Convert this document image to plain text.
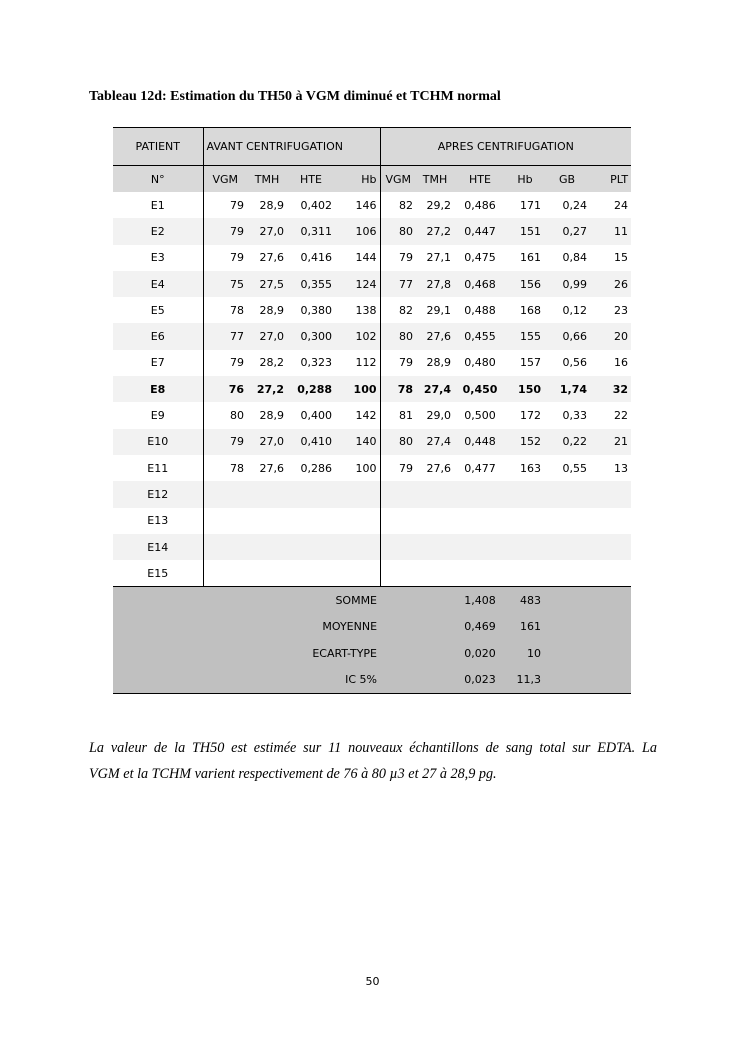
Tableau 12d: Estimation du TH50 à VGM diminué et TCHM normal
PATIENT	AVANT CENTRIFUGATION				APRES CENTRIFUGATION					
N°	VGM	TMH	HTE	Hb	VGM	TMH	HTE	Hb	GB	PLT
E1	79	28,9	0,402	146	82	29,2	0,486	171	0,24	24
E2	79	27,0	0,311	106	80	27,2	0,447	151	0,27	11
E3	79	27,6	0,416	144	79	27,1	0,475	161	0,84	15
E4	75	27,5	0,355	124	77	27,8	0,468	156	0,99	26
E5	78	28,9	0,380	138	82	29,1	0,488	168	0,12	23
E6	77	27,0	0,300	102	80	27,6	0,455	155	0,66	20
E7	79	28,2	0,323	112	79	28,9	0,480	157	0,56	16
E8	76	27,2	0,288	100	78	27,4	0,450	150	1,74	32
E9	80	28,9	0,400	142	81	29,0	0,500	172	0,33	22
E10	79	27,0	0,410	140	80	27,4	0,448	152	0,22	21
E11	78	27,6	0,286	100	79	27,6	0,477	163	0,55	13
E12										
E13										
E14										
E15										
SOMME							1,408	483		
MOYENNE							0,469	161		
ECART-TYPE							0,020	10		
IC 5%							0,023	11,3		
La valeur de la TH50 est estimée sur 11 nouveaux échantillons de sang total sur EDTA. La
VGM et la TCHM varient respectivement de 76 à 80 µ3 et 27 à 28,9 pg.
50
